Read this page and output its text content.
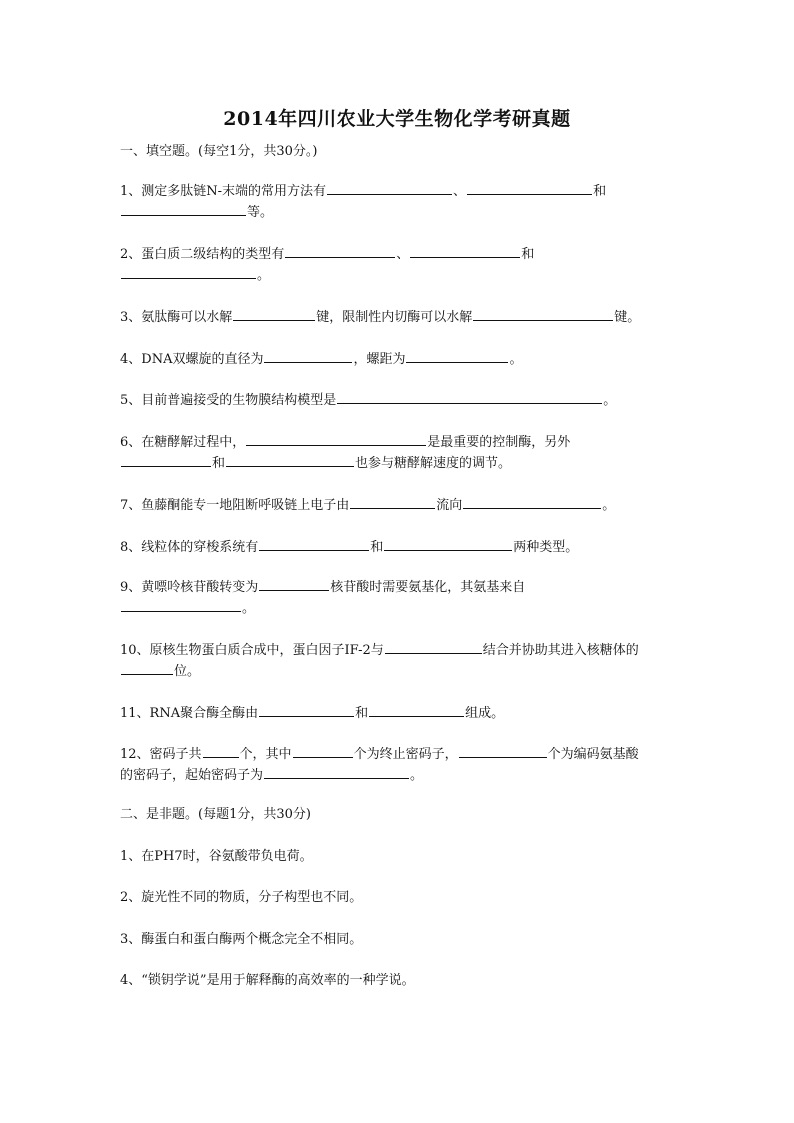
2014年四川农业大学生物化学考研真题
一、填空题。(每空1分，共30分。)
1、测定多肽链N-末端的常用方法有	、	和
等。
2、蛋白质二级结构的类型有	、	和
。
3、氨肽酶可以水解	键，限制性内切酶可以水解	键。
4、DNA双螺旋的直径为	，螺距为	。
5、目前普遍接受的生物膜结构模型是	。
6、在糖酵解过程中，	是最重要的控制酶，另外
和	也参与糖酵解速度的调节。
7、鱼藤酮能专一地阻断呼吸链上电子由	流向	。
8、线粒体的穿梭系统有	和	两种类型。
9、黄嘌呤核苷酸转变为	核苷酸时需要氨基化，其氨基来自
。
10、原核生物蛋白质合成中，蛋白因子IF-2与	结合并协助其进入核糖体的
位。
11、RNA聚合酶全酶由	和	组成。
12、密码子共	个，其中	个为终止密码子，	个为编码氨基酸
的密码子，起始密码子为	。
二、是非题。(每题1分，共30分)
1、在PH7时，谷氨酸带负电荷。
2、旋光性不同的物质，分子构型也不同。
3、酶蛋白和蛋白酶两个概念完全不相同。
4、“锁钥学说”是用于解释酶的高效率的一种学说。
